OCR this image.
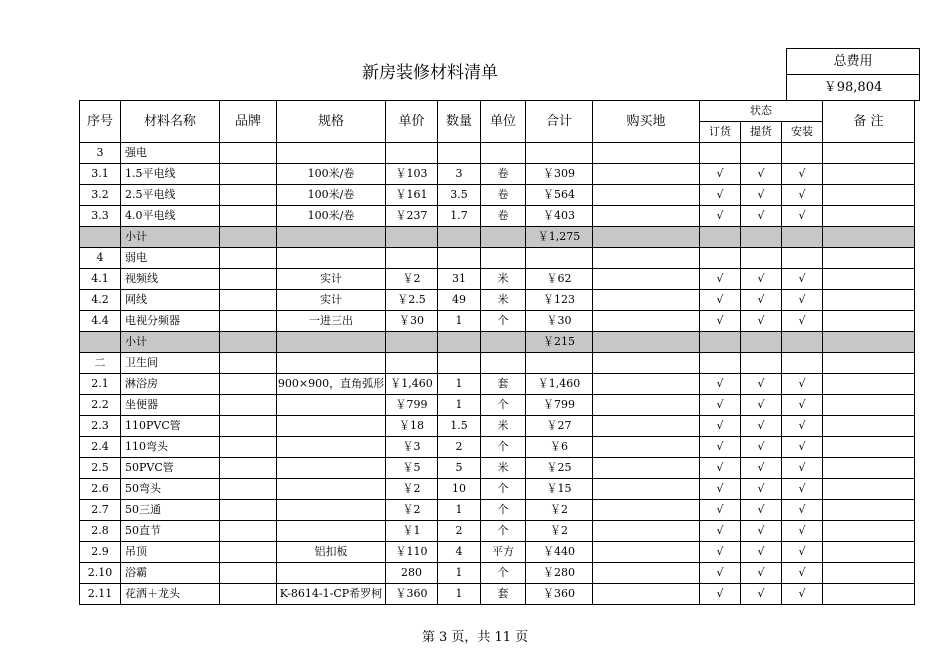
新房装修材料清单
总费用
￥98,804
序号	材料名称	品牌	规格	单价	数量	单位	合计	购买地	状态			备 注
									订货	提货	安装	
3	强电											
3.1	1.5平电线		100米/卷	￥103	3	卷	￥309		√	√	√	
3.2	2.5平电线		100米/卷	￥161	3.5	卷	￥564		√	√	√	
3.3	4.0平电线		100米/卷	￥237	1.7	卷	￥403		√	√	√	
	小计						￥1,275					
4	弱电											
4.1	视频线		实计	￥2	31	米	￥62		√	√	√	
4.2	网线		实计	￥2.5	49	米	￥123		√	√	√	
4.4	电视分频器		一进三出	￥30	1	个	￥30		√	√	√	
	小计						￥215					
二	卫生间											
2.1	淋浴房		900×900，直角弧形	￥1,460	1	套	￥1,460		√	√	√	
2.2	坐便器			￥799	1	个	￥799		√	√	√	
2.3	110PVC管			￥18	1.5	米	￥27		√	√	√	
2.4	110弯头			￥3	2	个	￥6		√	√	√	
2.5	50PVC管			￥5	5	米	￥25		√	√	√	
2.6	50弯头			￥2	10	个	￥15		√	√	√	
2.7	50三通			￥2	1	个	￥2		√	√	√	
2.8	50直节			￥1	2	个	￥2		√	√	√	
2.9	吊顶		铝扣板	￥110	4	平方	￥440		√	√	√	
2.10	浴霸			280	1	个	￥280		√	√	√	
2.11	花洒＋龙头		K-8614-1-CP希罗柯	￥360	1	套	￥360		√	√	√	
第 3 页，共 11 页
